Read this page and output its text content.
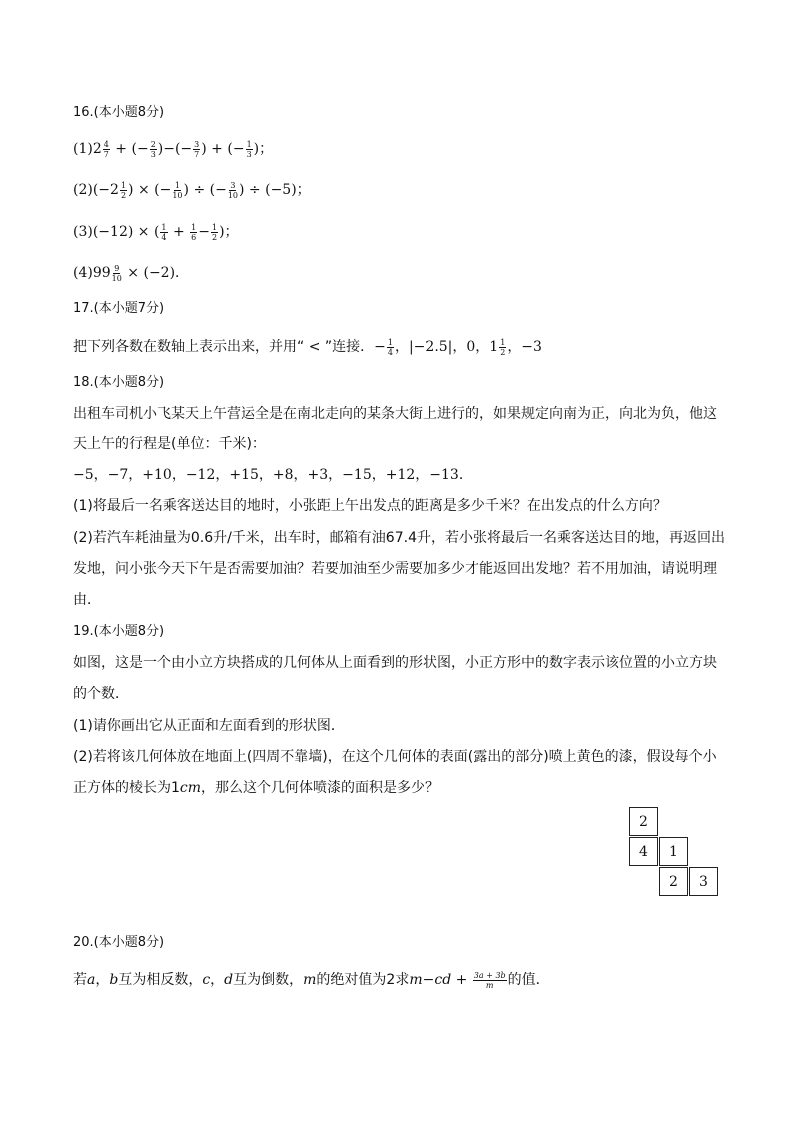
16.(本小题8分)
$(1)2 \frac{4}{7}$ + (− $\frac{2}{3}$ )−(− $\frac{3}{7}$ ) + (− $\frac{1}{3}$ )；
$(2)(-2 \frac{1}{2}$ ) × (− $\frac{1}{10}$ ) ÷ (− $\frac{3}{10}$ ) ÷ (−5)；
(3)(−12) × ( $\frac{1}{4} + \frac{1}{6} - \frac{1}{2}$ )；
$(4)99 \frac{9}{10} \times (-2)$．
17.(本小题7分)
把下列各数在数轴上表示出来，并用“ < ”连接．− $\frac{1}{4}$ ，|−2.5|，0，$1 \frac{1}{2}$ ，−3
18.(本小题8分)
出租车司机小飞某天上午营运全是在南北走向的某条大街上进行的，如果规定向南为正，向北为负，他这
天上午的行程是(单位：千米)：
−5，−7，+10，−12，+15，+8，+3，−15，+12，−13．
(1)将最后一名乘客送达目的地时，小张距上午出发点的距离是多少千米？在出发点的什么方向？
(2)若汽车耗油量为0.6升/千米，出车时，邮箱有油67.4升，若小张将最后一名乘客送达目的地，再返回出
发地，问小张今天下午是否需要加油？若要加油至少需要加多少才能返回出发地？若不用加油，请说明理
由．
19.(本小题8分)
如图，这是一个由小立方块搭成的几何体从上面看到的形状图，小正方形中的数字表示该位置的小立方块
的个数．
(1)请你画出它从正面和左面看到的形状图．
(2)若将该几何体放在地面上(四周不靠墙)，在这个几何体的表面(露出的部分)喷上黄色的漆，假设每个小
正方体的棱长为1cm，那么这个几何体喷漆的面积是多少？
2
4	1
2	3
20.(本小题8分)
若a，b互为相反数，c，d互为倒数，m的绝对值为2求$m-cd + \frac{3a + 3b}{m}$ 的值．
